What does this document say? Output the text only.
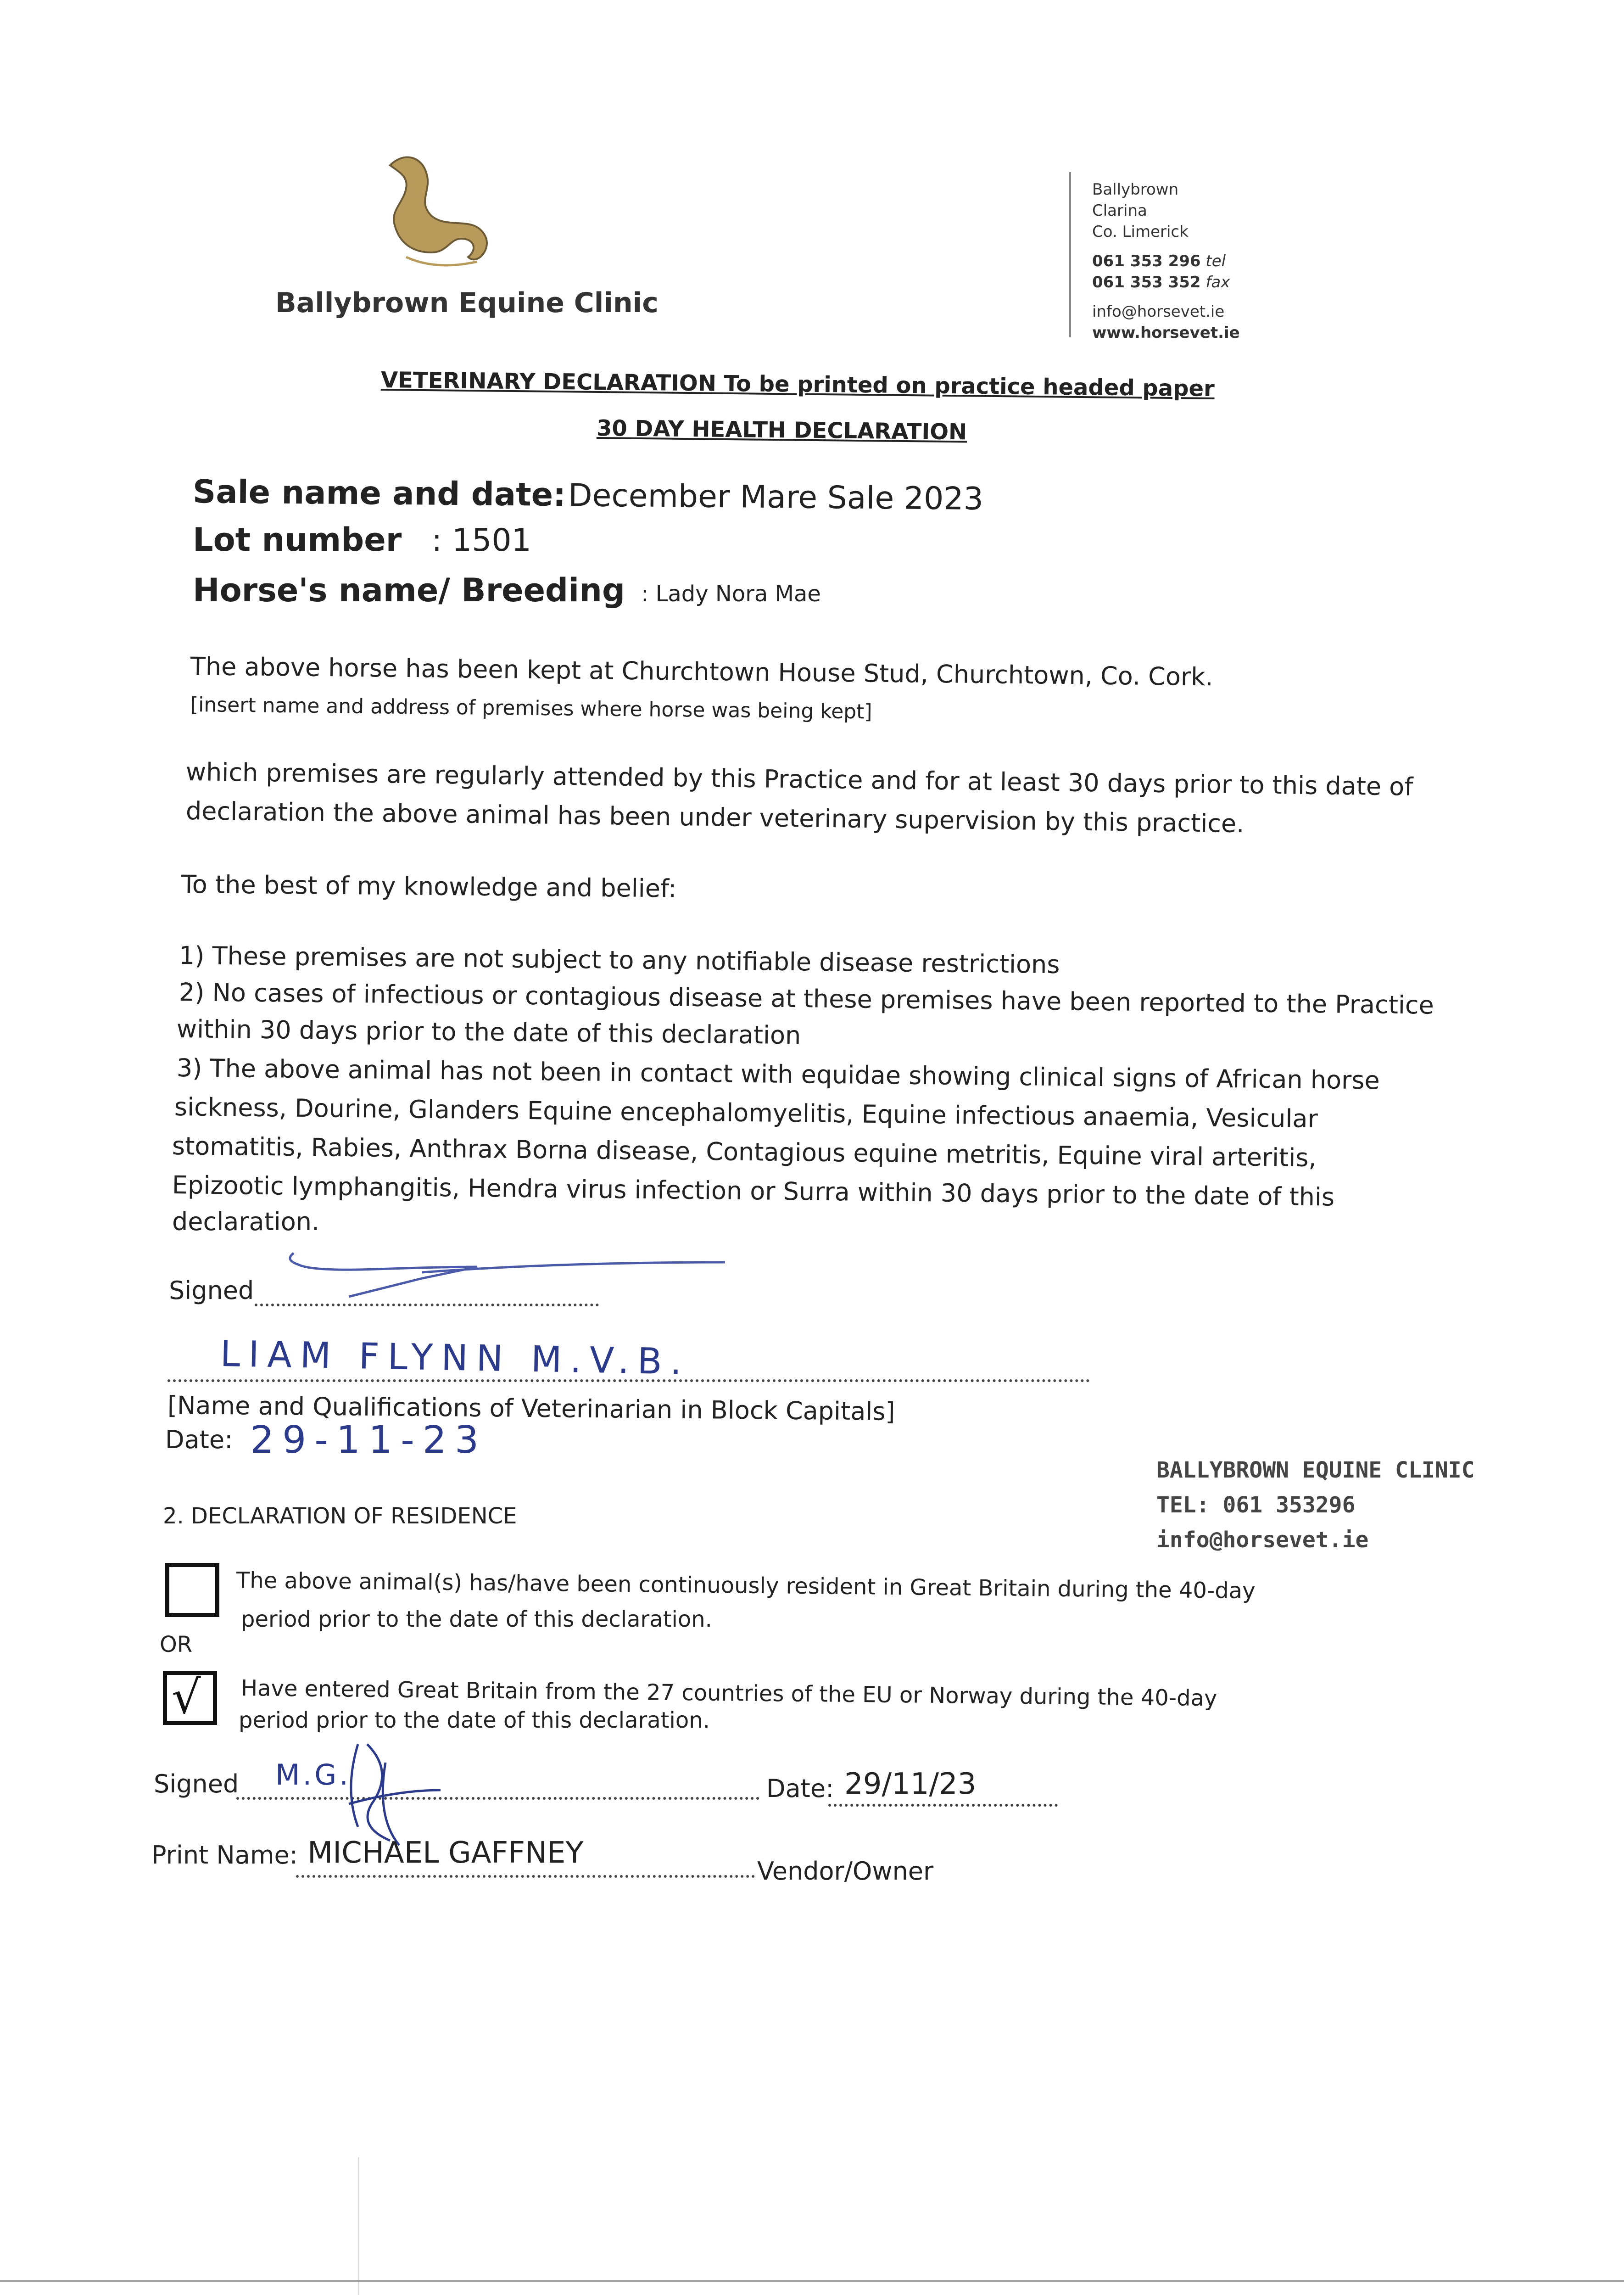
Ballybrown Equine Clinic
Ballybrown
Clarina
Co. Limerick
061 353 296 tel
061 353 352 fax
info@horsevet.ie
www.horsevet.ie
VETERINARY DECLARATION To be printed on practice headed paper
30 DAY HEALTH DECLARATION
Sale name and date: December Mare Sale 2023
Lot number : 1501
Horse's name/ Breeding : Lady Nora Mae
The above horse has been kept at Churchtown House Stud, Churchtown, Co. Cork.
[insert name and address of premises where horse was being kept]
which premises are regularly attended by this Practice and for at least 30 days prior to this date of
declaration the above animal has been under veterinary supervision by this practice.
To the best of my knowledge and belief:
1) These premises are not subject to any notifiable disease restrictions
2) No cases of infectious or contagious disease at these premises have been reported to the Practice
within 30 days prior to the date of this declaration
3) The above animal has not been in contact with equidae showing clinical signs of African horse
sickness, Dourine, Glanders Equine encephalomyelitis, Equine infectious anaemia, Vesicular
stomatitis, Rabies, Anthrax Borna disease, Contagious equine metritis, Equine viral arteritis,
Epizootic lymphangitis, Hendra virus infection or Surra within 30 days prior to the date of this
declaration.
Signed
LIAM FLYNN M.V.B.
[Name and Qualifications of Veterinarian in Block Capitals]
Date: 29-11-23
BALLYBROWN EQUINE CLINIC
TEL: 061 353296
info@horsevet.ie
2. DECLARATION OF RESIDENCE
The above animal(s) has/have been continuously resident in Great Britain during the 40-day
period prior to the date of this declaration.
OR
√ Have entered Great Britain from the 27 countries of the EU or Norway during the 40-day
period prior to the date of this declaration.
Signed M.G.	Date: 29/11/23
Print Name: MICHAEL GAFFNEY
Vendor/Owner
